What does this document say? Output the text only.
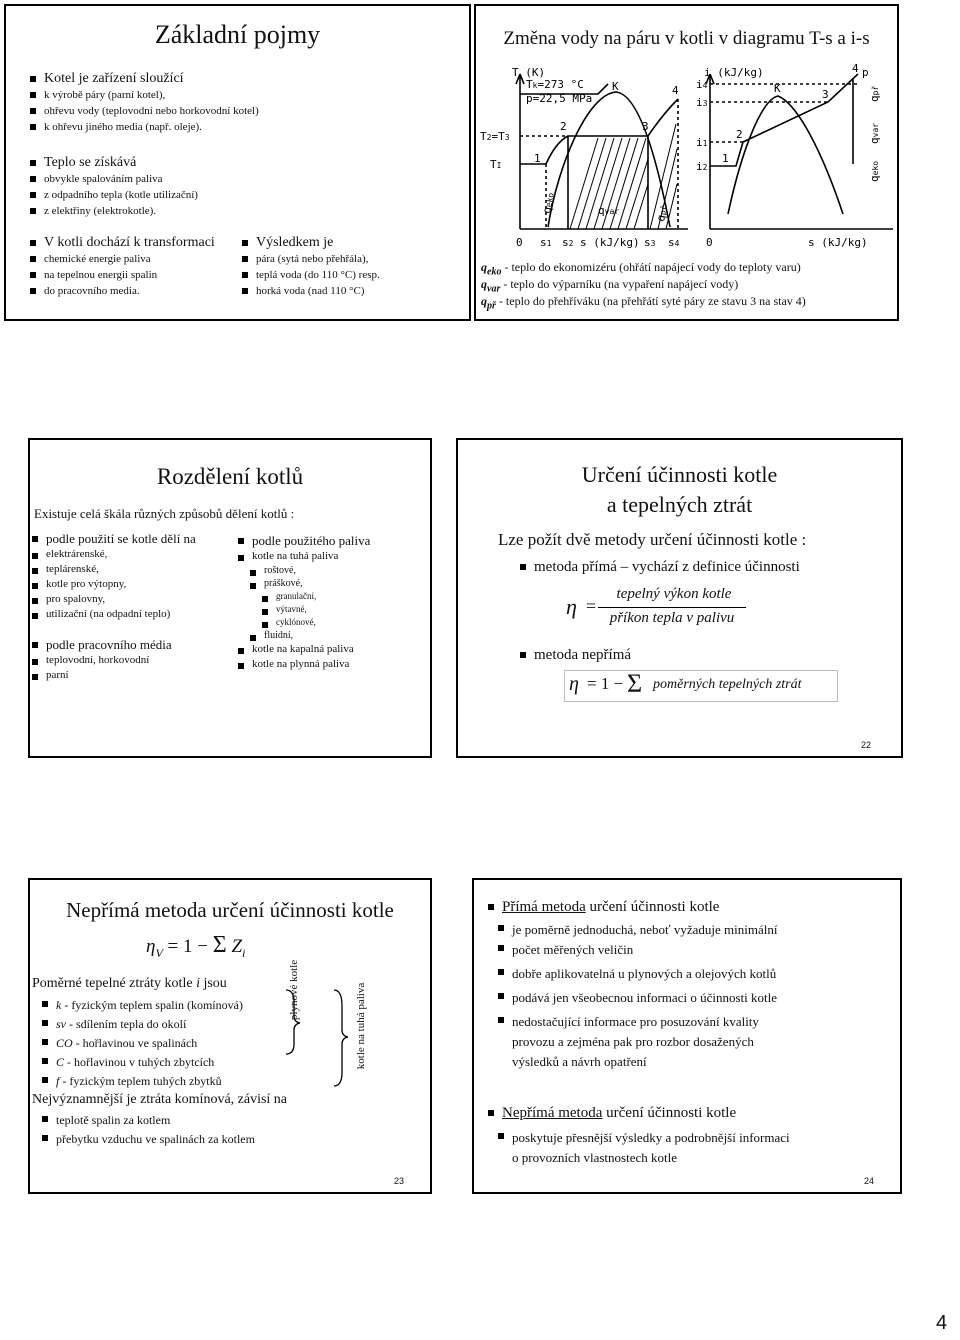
Základní pojmy
Kotel je zařízení sloužící
k výrobě páry (parní kotel),
ohřevu vody (teplovodní nebo horkovodní kotel)
k ohřevu jiného media (např. oleje).
Teplo se získává
obvykle spalováním paliva
z odpadního tepla (kotle utilizační)
z elektřiny (elektrokotle).
V kotli dochází k transformaci
chemické energie paliva
na tepelnou energii spalin
do pracovního media.
Výsledkem je
pára (sytá nebo přehřála),
teplá voda (do 110 °C) resp.
horká voda (nad 110 °C)
Změna vody na páru v kotli v diagramu T-s a i-s
T (K)
Tk=273 °C
p=22,5 MPa
K
T2=T3
TI
1
2	3
4
qeko
qvar
qpř
0 s1 s2 s (kJ/kg) s3 s4
i (kJ/kg)	p
K
i4
i3
i1
i2
1
2
3
4
qpř
qvar
qeko
0	s (kJ/kg)
$q_{eko}$ - teplo do ekonomizéru (ohřátí napájecí vody do teploty varu)
$q_{var}$ - teplo do výparníku (na vypaření napájecí vody)
$q_{př}$ - teplo do přehříváku (na přehřátí syté páry ze stavu 3 na stav 4)
Rozdělení kotlů
Existuje celá škála různých způsobů dělení kotlů :
podle použití se kotle dělí na
elektrárenské,
teplárenské,
kotle pro výtopny,
pro spalovny,
utilizační (na odpadní teplo)
podle pracovního média
teplovodní, horkovodní
parní
podle použitého paliva
kotle na tuhá paliva
roštové,
práškové,
granulační,
výtavné,
cyklónové,
fluidní,
kotle na kapalná paliva
kotle na plynná paliva
Určení účinnosti kotle
a tepelných ztrát
Lze požít dvě metody určení účinnosti kotle :
metoda přímá – vychází z definice účinnosti
η =
tepelný výkon kotle
příkon tepla v palivu
metoda nepřímá
η = 1 − Σ poměrných tepelných ztrát
22
Nepřímá metoda určení účinnosti kotle
$\eta_V = 1 - \Sigma$ $Z_i$
Poměrné tepelné ztráty kotle i jsou
k - fyzickým teplem spalin (komínová)
sv - sdílením tepla do okolí
CO - hořlavinou ve spalinách
C - hořlavinou v tuhých zbytcích
f - fyzickým teplem tuhých zbytků
plynové kotle	kotle na tuhá paliva
Nejvýznamnější je ztráta komínová, závisí na
teplotě spalin za kotlem
přebytku vzduchu ve spalinách za kotlem
23
Přímá metoda určení účinnosti kotle
je poměrně jednoduchá, neboť vyžaduje minimální
počet měřených veličin
dobře aplikovatelná u plynových a olejových kotlů
podává jen všeobecnou informaci o účinnosti kotle
nedostačující informace pro posuzování kvality
provozu a zejména pak pro rozbor dosažených
výsledků a návrh opatření
Nepřímá metoda určení účinnosti kotle
poskytuje přesnější výsledky a podrobnější informaci
o provozních vlastnostech kotle
24
4
